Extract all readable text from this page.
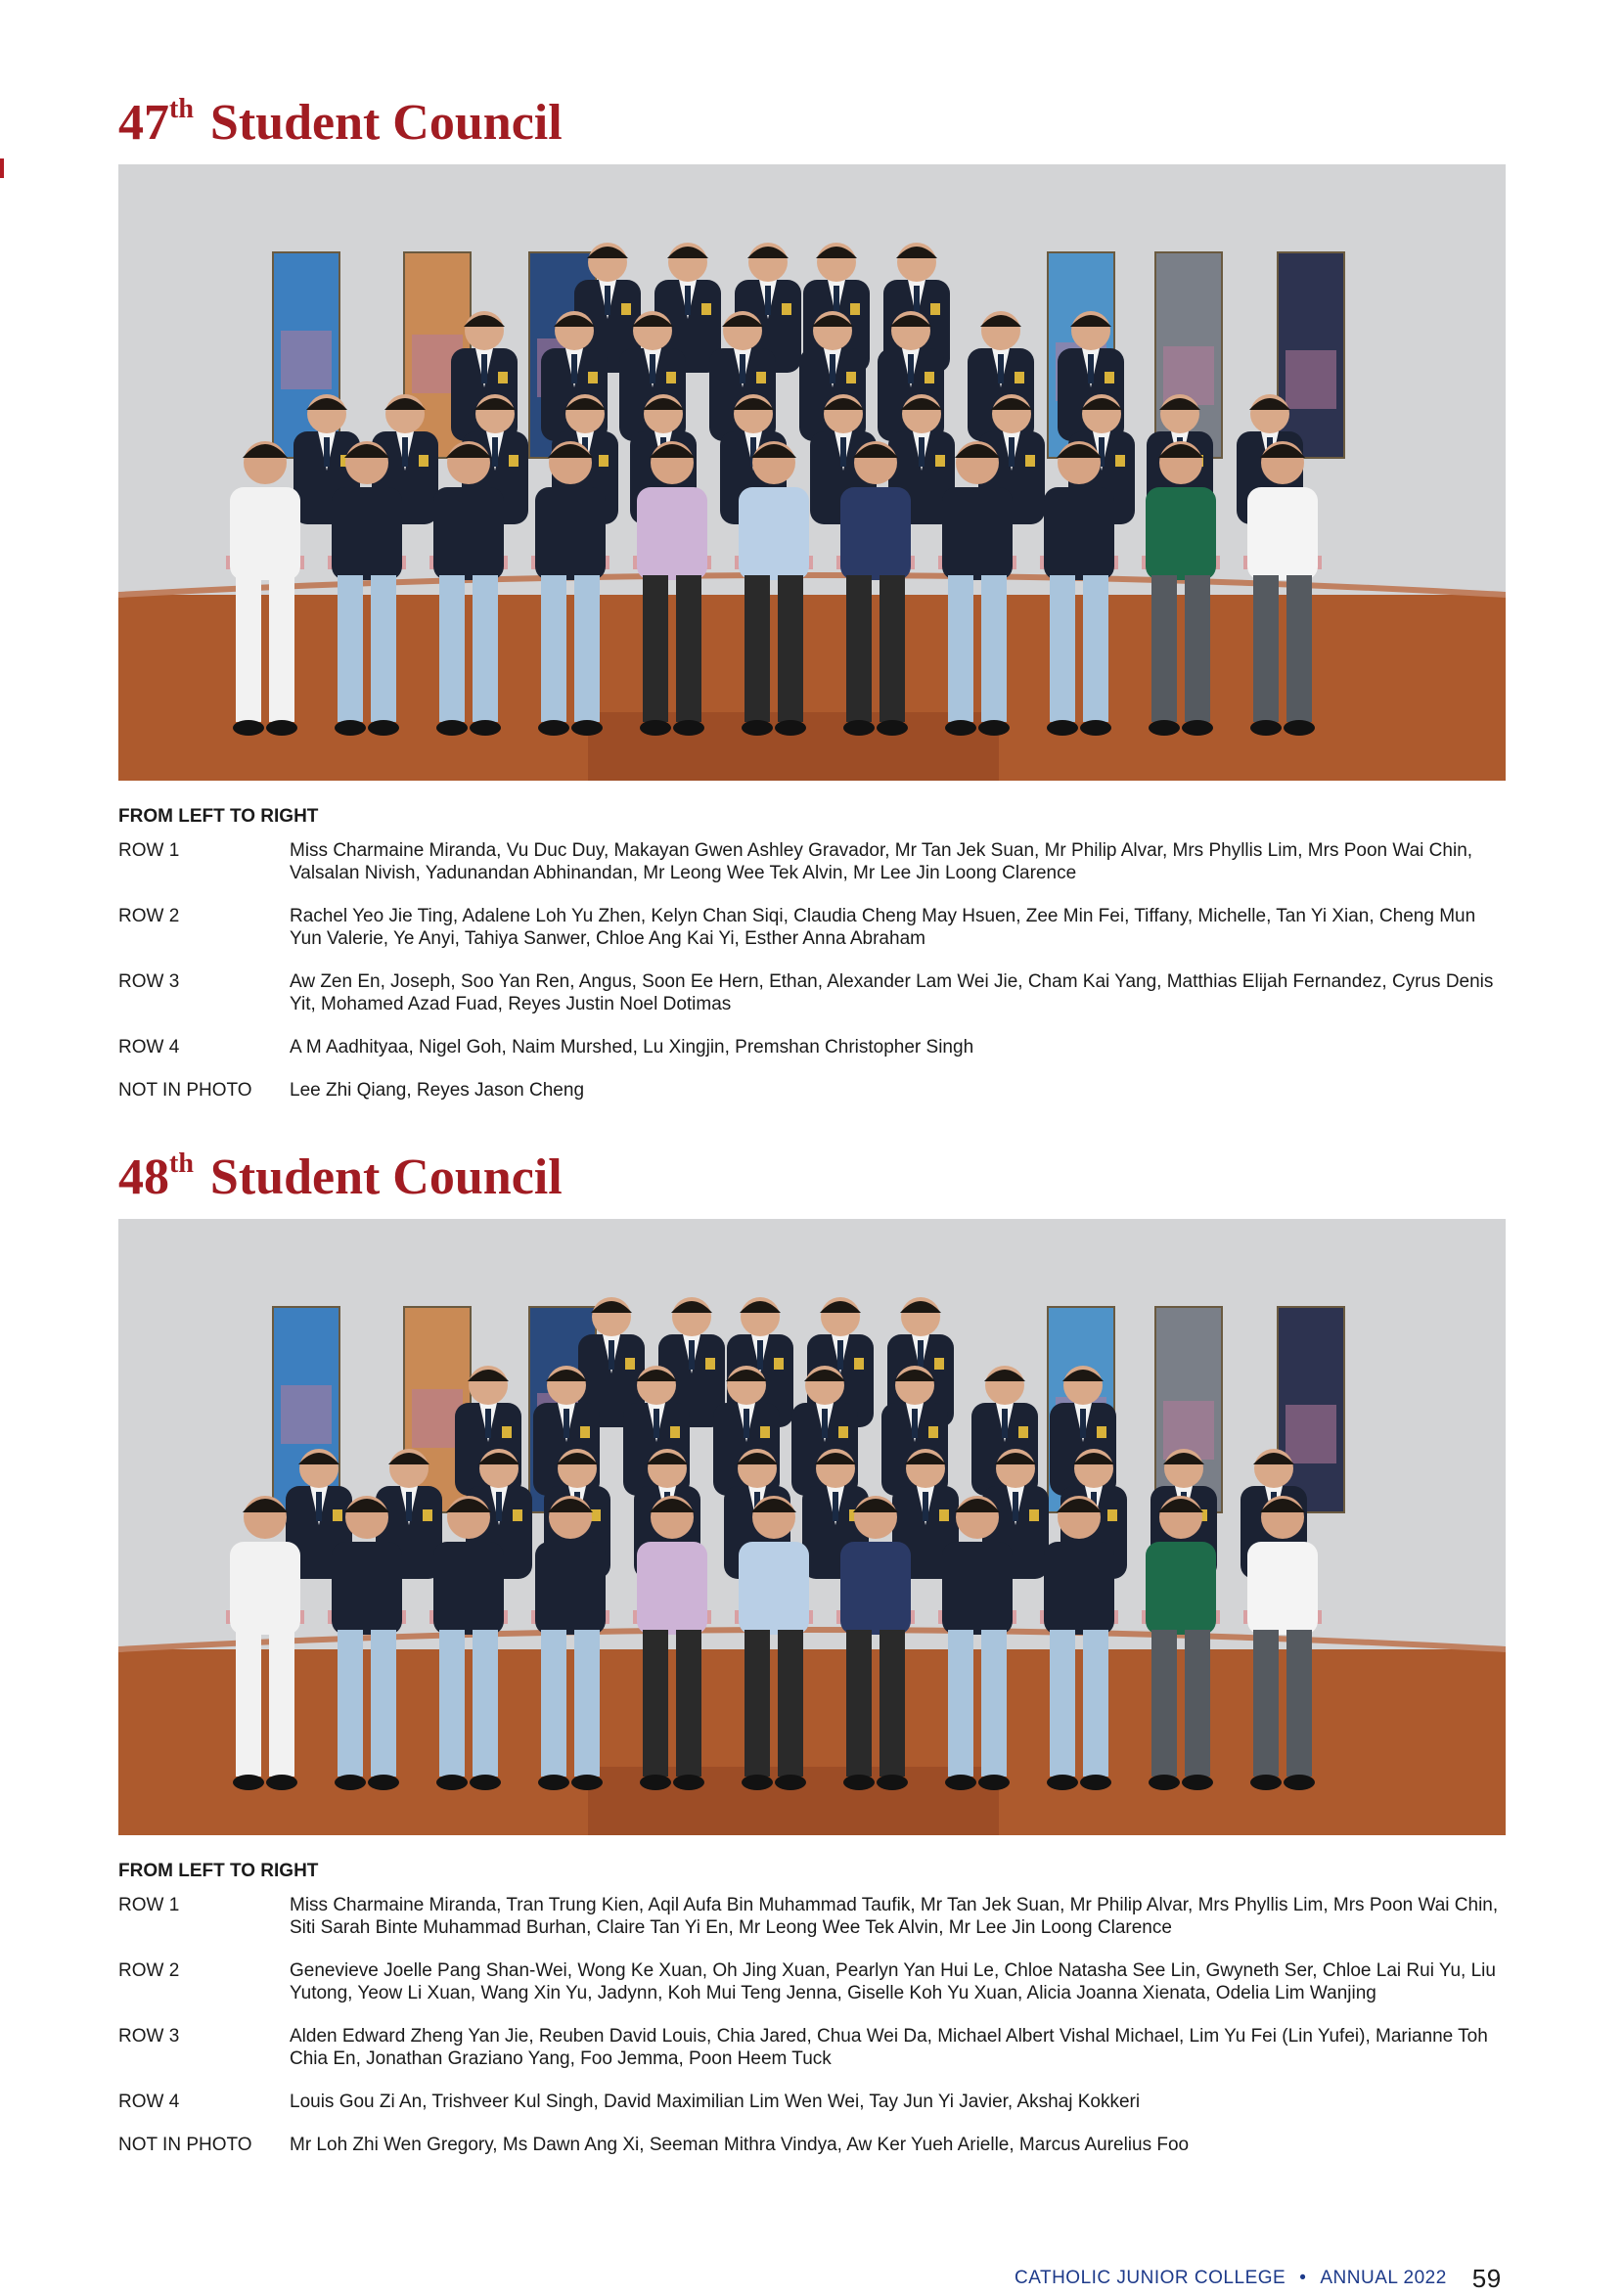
47th Student Council
FROM LEFT TO RIGHT
ROW 1	Miss Charmaine Miranda, Vu Duc Duy, Makayan Gwen Ashley Gravador, Mr Tan Jek Suan, Mr Philip Alvar, Mrs Phyllis Lim, Mrs Poon Wai Chin, Valsalan Nivish, Yadunandan Abhinandan, Mr Leong Wee Tek Alvin, Mr Lee Jin Loong Clarence
ROW 2	Rachel Yeo Jie Ting, Adalene Loh Yu Zhen, Kelyn Chan Siqi, Claudia Cheng May Hsuen, Zee Min Fei, Tiffany, Michelle, Tan Yi Xian, Cheng Mun Yun Valerie, Ye Anyi, Tahiya Sanwer, Chloe Ang Kai Yi, Esther Anna Abraham
ROW 3	Aw Zen En, Joseph, Soo Yan Ren, Angus, Soon Ee Hern, Ethan, Alexander Lam Wei Jie, Cham Kai Yang, Matthias Elijah Fernandez, Cyrus Denis Yit, Mohamed Azad Fuad, Reyes Justin Noel Dotimas
ROW 4	A M Aadhityaa, Nigel Goh, Naim Murshed, Lu Xingjin, Premshan Christopher Singh
NOT IN PHOTO	Lee Zhi Qiang, Reyes Jason Cheng
48th Student Council
FROM LEFT TO RIGHT
ROW 1	Miss Charmaine Miranda, Tran Trung Kien, Aqil Aufa Bin Muhammad Taufik, Mr Tan Jek Suan, Mr Philip Alvar, Mrs Phyllis Lim, Mrs Poon Wai Chin, Siti Sarah Binte Muhammad Burhan, Claire Tan Yi En, Mr Leong Wee Tek Alvin, Mr Lee Jin Loong Clarence
ROW 2	Genevieve Joelle Pang Shan-Wei, Wong Ke Xuan, Oh Jing Xuan, Pearlyn Yan Hui Le, Chloe Natasha See Lin, Gwyneth Ser, Chloe Lai Rui Yu, Liu Yutong, Yeow Li Xuan, Wang Xin Yu, Jadynn, Koh Mui Teng Jenna, Giselle Koh Yu Xuan, Alicia Joanna Xienata, Odelia Lim Wanjing
ROW 3	Alden Edward Zheng Yan Jie, Reuben David Louis, Chia Jared, Chua Wei Da, Michael Albert Vishal Michael, Lim Yu Fei (Lin Yufei), Marianne Toh Chia En, Jonathan Graziano Yang, Foo Jemma, Poon Heem Tuck
ROW 4	Louis Gou Zi An, Trishveer Kul Singh, David Maximilian Lim Wen Wei, Tay Jun Yi Javier, Akshaj Kokkeri
NOT IN PHOTO	Mr Loh Zhi Wen Gregory, Ms Dawn Ang Xi, Seeman Mithra Vindya, Aw Ker Yueh Arielle, Marcus Aurelius Foo
CATHOLIC JUNIOR COLLEGE • ANNUAL 2022 59
